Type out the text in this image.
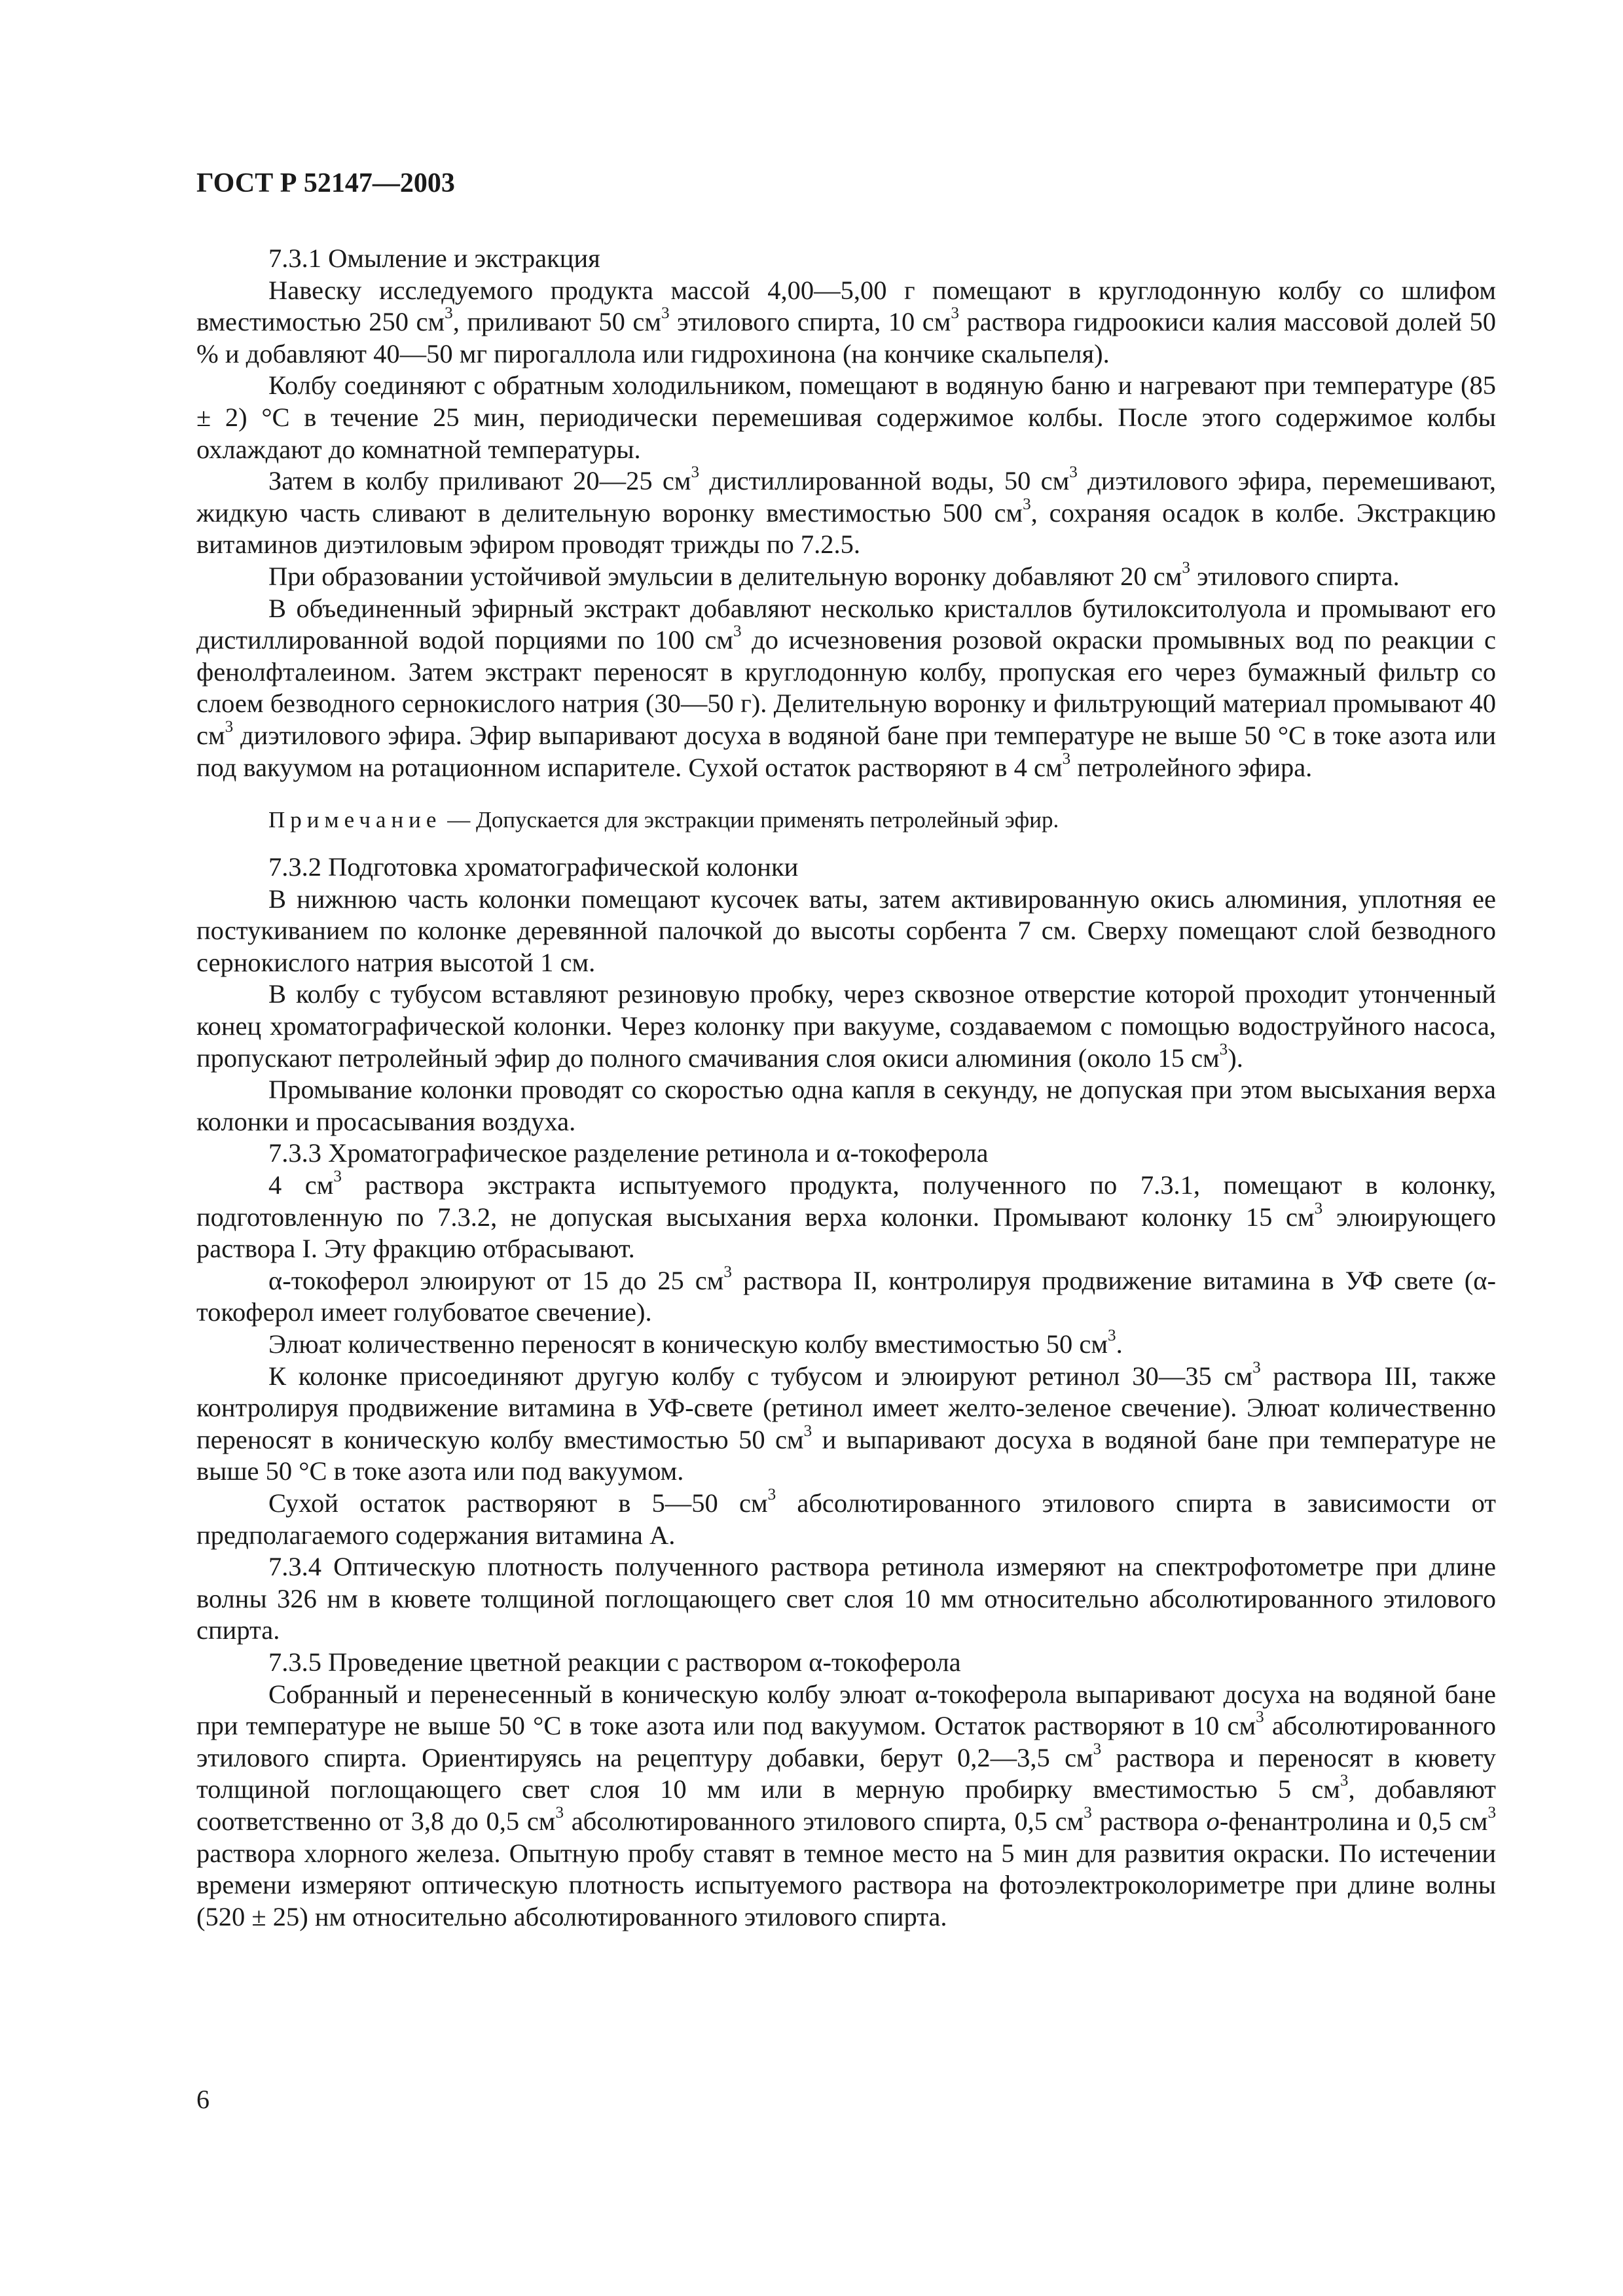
ГОСТ Р 52147—2003

7.3.1 Омыление и экстракция

Навеску исследуемого продукта массой 4,00—5,00 г помещают в круглодонную колбу со шлифом вместимостью 250 $см^3$, приливают 50 $см^3$ этилового спирта, 10 $см^3$ раствора гидроокиси калия массовой долей 50 % и добавляют 40—50 мг пирогаллола или гидрохинона (на кончике скальпеля).

Колбу соединяют с обратным холодильником, помещают в водяную баню и нагревают при температуре (85 ± 2) °С в течение 25 мин, периодически перемешивая содержимое колбы. После этого содержимое колбы охлаждают до комнатной температуры.

Затем в колбу приливают 20—25 $см^3$ дистиллированной воды, 50 $см^3$ диэтилового эфира, перемешивают, жидкую часть сливают в делительную воронку вместимостью 500 $см^3$, сохраняя осадок в колбе. Экстракцию витаминов диэтиловым эфиром проводят трижды по 7.2.5.

При образовании устойчивой эмульсии в делительную воронку добавляют 20 $см^3$ этилового спирта.

В объединенный эфирный экстракт добавляют несколько кристаллов бутилокситолуола и промывают его дистиллированной водой порциями по 100 $см^3$ до исчезновения розовой окраски промывных вод по реакции с фенолфталеином. Затем экстракт переносят в круглодонную колбу, пропуская его через бумажный фильтр со слоем безводного сернокислого натрия (30—50 г). Делительную воронку и фильтрующий материал промывают 40 $см^3$ диэтилового эфира. Эфир выпаривают досуха в водяной бане при температуре не выше 50 °С в токе азота или под вакуумом на ротационном испарителе. Сухой остаток растворяют в 4 $см^3$ петролейного эфира.

Примечание — Допускается для экстракции применять петролейный эфир.

7.3.2 Подготовка хроматографической колонки

В нижнюю часть колонки помещают кусочек ваты, затем активированную окись алюминия, уплотняя ее постукиванием по колонке деревянной палочкой до высоты сорбента 7 см. Сверху помещают слой безводного сернокислого натрия высотой 1 см.

В колбу с тубусом вставляют резиновую пробку, через сквозное отверстие которой проходит утонченный конец хроматографической колонки. Через колонку при вакууме, создаваемом с помощью водоструйного насоса, пропускают петролейный эфир до полного смачивания слоя окиси алюминия (около 15 $см^3$).

Промывание колонки проводят со скоростью одна капля в секунду, не допуская при этом высыхания верха колонки и просасывания воздуха.

7.3.3 Хроматографическое разделение ретинола и α-токоферола

4 $см^3$ раствора экстракта испытуемого продукта, полученного по 7.3.1, помещают в колонку, подготовленную по 7.3.2, не допуская высыхания верха колонки. Промывают колонку 15 $см^3$ элюирующего раствора I. Эту фракцию отбрасывают.

α-токоферол элюируют от 15 до 25 $см^3$ раствора II, контролируя продвижение витамина в УФ свете (α-токоферол имеет голубоватое свечение).

Элюат количественно переносят в коническую колбу вместимостью 50 $см^3$.

К колонке присоединяют другую колбу с тубусом и элюируют ретинол 30—35 $см^3$ раствора III, также контролируя продвижение витамина в УФ-свете (ретинол имеет желто-зеленое свечение). Элюат количественно переносят в коническую колбу вместимостью 50 $см^3$ и выпаривают досуха в водяной бане при температуре не выше 50 °С в токе азота или под вакуумом.

Сухой остаток растворяют в 5—50 $см^3$ абсолютированного этилового спирта в зависимости от предполагаемого содержания витамина А.

7.3.4 Оптическую плотность полученного раствора ретинола измеряют на спектрофотометре при длине волны 326 нм в кювете толщиной поглощающего свет слоя 10 мм относительно абсолютированного этилового спирта.

7.3.5 Проведение цветной реакции с раствором α-токоферола

Собранный и перенесенный в коническую колбу элюат α-токоферола выпаривают досуха на водяной бане при температуре не выше 50 °С в токе азота или под вакуумом. Остаток растворяют в 10 $см^3$ абсолютированного этилового спирта. Ориентируясь на рецептуру добавки, берут 0,2—3,5 $см^3$ раствора и переносят в кювету толщиной поглощающего свет слоя 10 мм или в мерную пробирку вместимостью 5 $см^3$, добавляют соответственно от 3,8 до 0,5 $см^3$ абсолютированного этилового спирта, 0,5 $см^3$ раствора о-фенантролина и 0,5 $см^3$ раствора хлорного железа. Опытную пробу ставят в темное место на 5 мин для развития окраски. По истечении времени измеряют оптическую плотность испытуемого раствора на фотоэлектроколориметре при длине волны (520 ± 25) нм относительно абсолютированного этилового спирта.

6
